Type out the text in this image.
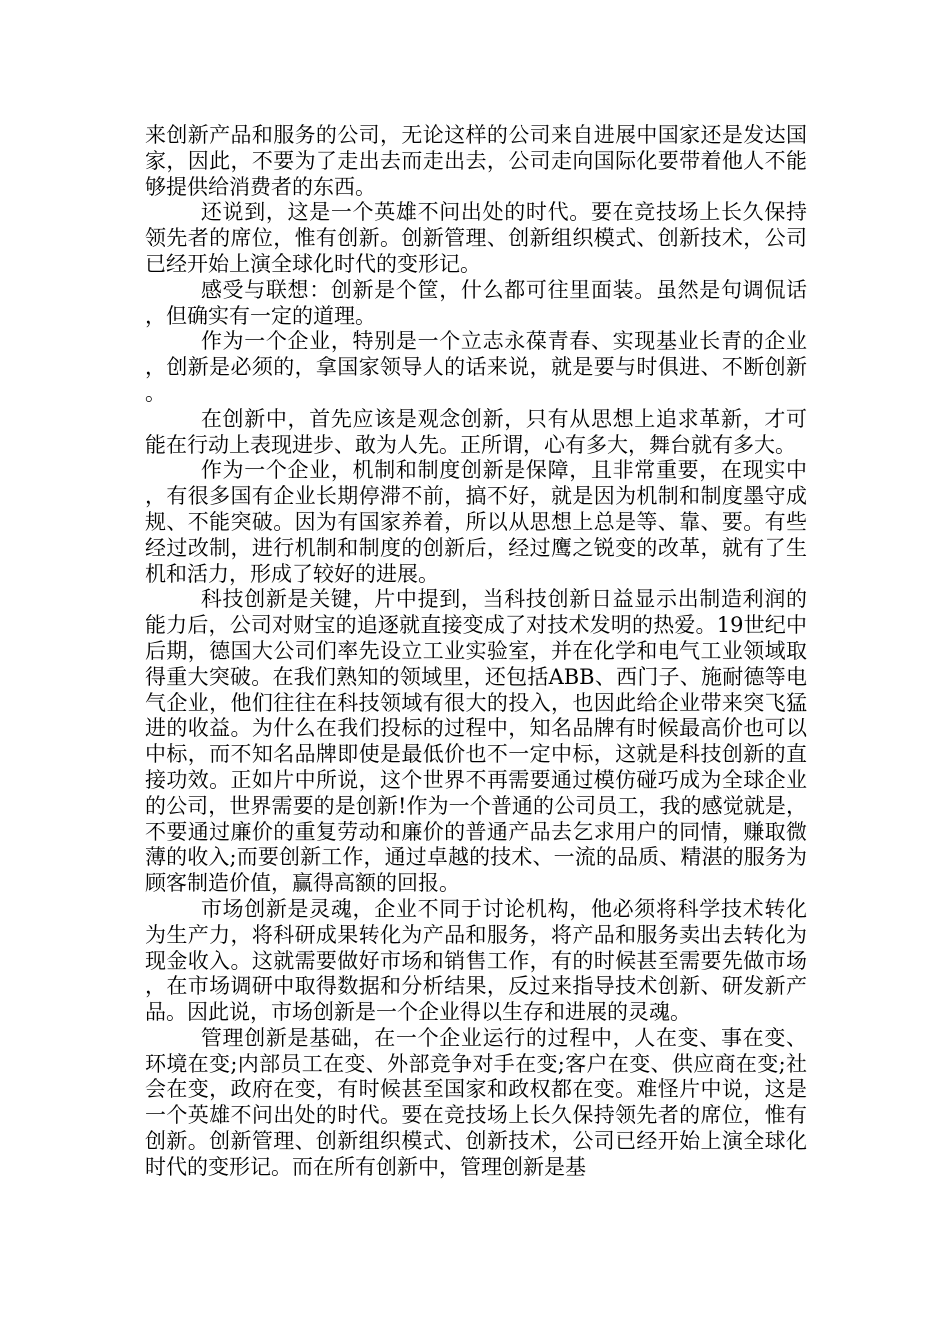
来创新产品和服务的公司，无论这样的公司来自进展中国家还是发达国家，因此，不要为了走出去而走出去，公司走向国际化要带着他人不能够提供给消费者的东西。

还说到，这是一个英雄不问出处的时代。要在竞技场上长久保持领先者的席位，惟有创新。创新管理、创新组织模式、创新技术，公司已经开始上演全球化时代的变形记。

感受与联想：创新是个筐，什么都可往里面装。虽然是句调侃话，但确实有一定的道理。

作为一个企业，特别是一个立志永葆青春、实现基业长青的企业，创新是必须的，拿国家领导人的话来说，就是要与时俱进、不断创新。

在创新中，首先应该是观念创新，只有从思想上追求革新，才可能在行动上表现进步、敢为人先。正所谓，心有多大，舞台就有多大。

作为一个企业，机制和制度创新是保障，且非常重要，在现实中，有很多国有企业长期停滞不前，搞不好，就是因为机制和制度墨守成规、不能突破。因为有国家养着，所以从思想上总是等、靠、要。有些经过改制，进行机制和制度的创新后，经过鹰之锐变的改革，就有了生机和活力，形成了较好的进展。

科技创新是关键，片中提到，当科技创新日益显示出制造利润的能力后，公司对财宝的追逐就直接变成了对技术发明的热爱。19世纪中后期，德国大公司们率先设立工业实验室，并在化学和电气工业领域取得重大突破。在我们熟知的领域里，还包括ABB、西门子、施耐德等电气企业，他们往往在科技领域有很大的投入，也因此给企业带来突飞猛进的收益。为什么在我们投标的过程中，知名品牌有时候最高价也可以中标，而不知名品牌即使是最低价也不一定中标，这就是科技创新的直接功效。正如片中所说，这个世界不再需要通过模仿碰巧成为全球企业的公司，世界需要的是创新!作为一个普通的公司员工，我的感觉就是，不要通过廉价的重复劳动和廉价的普通产品去乞求用户的同情，赚取微薄的收入;而要创新工作，通过卓越的技术、一流的品质、精湛的服务为顾客制造价值，赢得高额的回报。

市场创新是灵魂，企业不同于讨论机构，他必须将科学技术转化为生产力，将科研成果转化为产品和服务，将产品和服务卖出去转化为现金收入。这就需要做好市场和销售工作，有的时候甚至需要先做市场，在市场调研中取得数据和分析结果，反过来指导技术创新、研发新产品。因此说，市场创新是一个企业得以生存和进展的灵魂。

管理创新是基础，在一个企业运行的过程中，人在变、事在变、环境在变;内部员工在变、外部竞争对手在变;客户在变、供应商在变;社会在变，政府在变，有时候甚至国家和政权都在变。难怪片中说，这是一个英雄不问出处的时代。要在竞技场上长久保持领先者的席位，惟有创新。创新管理、创新组织模式、创新技术，公司已经开始上演全球化时代的变形记。而在所有创新中，管理创新是基
